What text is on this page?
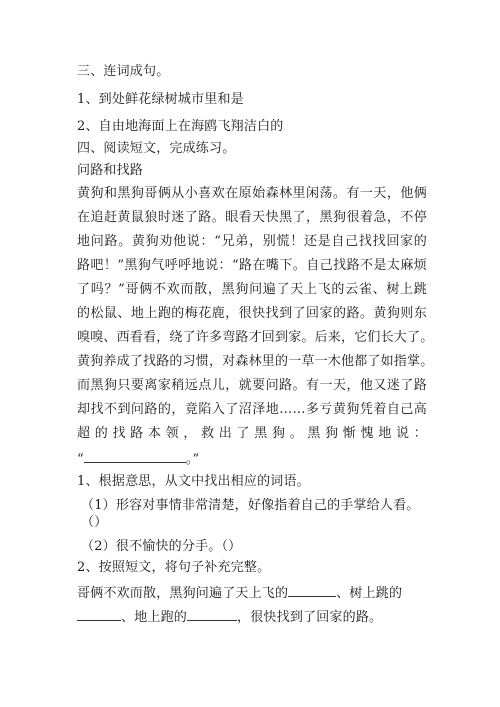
三、连词成句。
1、到处鲜花绿树城市里和是
2、自由地海面上在海鸥飞翔洁白的
四、阅读短文，完成练习。
问路和找路
黄狗和黑狗哥俩从小喜欢在原始森林里闲荡。有一天，他俩
在追赶黄鼠狼时迷了路。眼看天快黑了，黑狗很着急，不停
地问路。黄狗劝他说：“兄弟，别慌！还是自己找找回家的
路吧！”黑狗气呼呼地说：“路在嘴下。自己找路不是太麻烦
了吗？”哥俩不欢而散，黑狗问遍了天上飞的云雀、树上跳
的松鼠、地上跑的梅花鹿，很快找到了回家的路。黄狗则东
嗅嗅、西看看，绕了许多弯路才回到家。后来，它们长大了。
黄狗养成了找路的习惯，对森林里的一草一木他都了如指掌。
而黑狗只要离家稍远点儿，就要问路。有一天，他又迷了路
却找不到问路的，竟陷入了沼泽地……多亏黄狗凭着自己高
超的找路本领，救出了黑狗。黑狗惭愧地说：
“	。”
1、根据意思，从文中找出相应的词语。
（1）形容对事情非常清楚，好像指着自己的手掌给人看。
（）
（2）很不愉快的分手。（）
2、按照短文，将句子补充完整。
哥俩不欢而散，黑狗问遍了天上飞的	、树上跳的
、地上跑的	，很快找到了回家的路。
